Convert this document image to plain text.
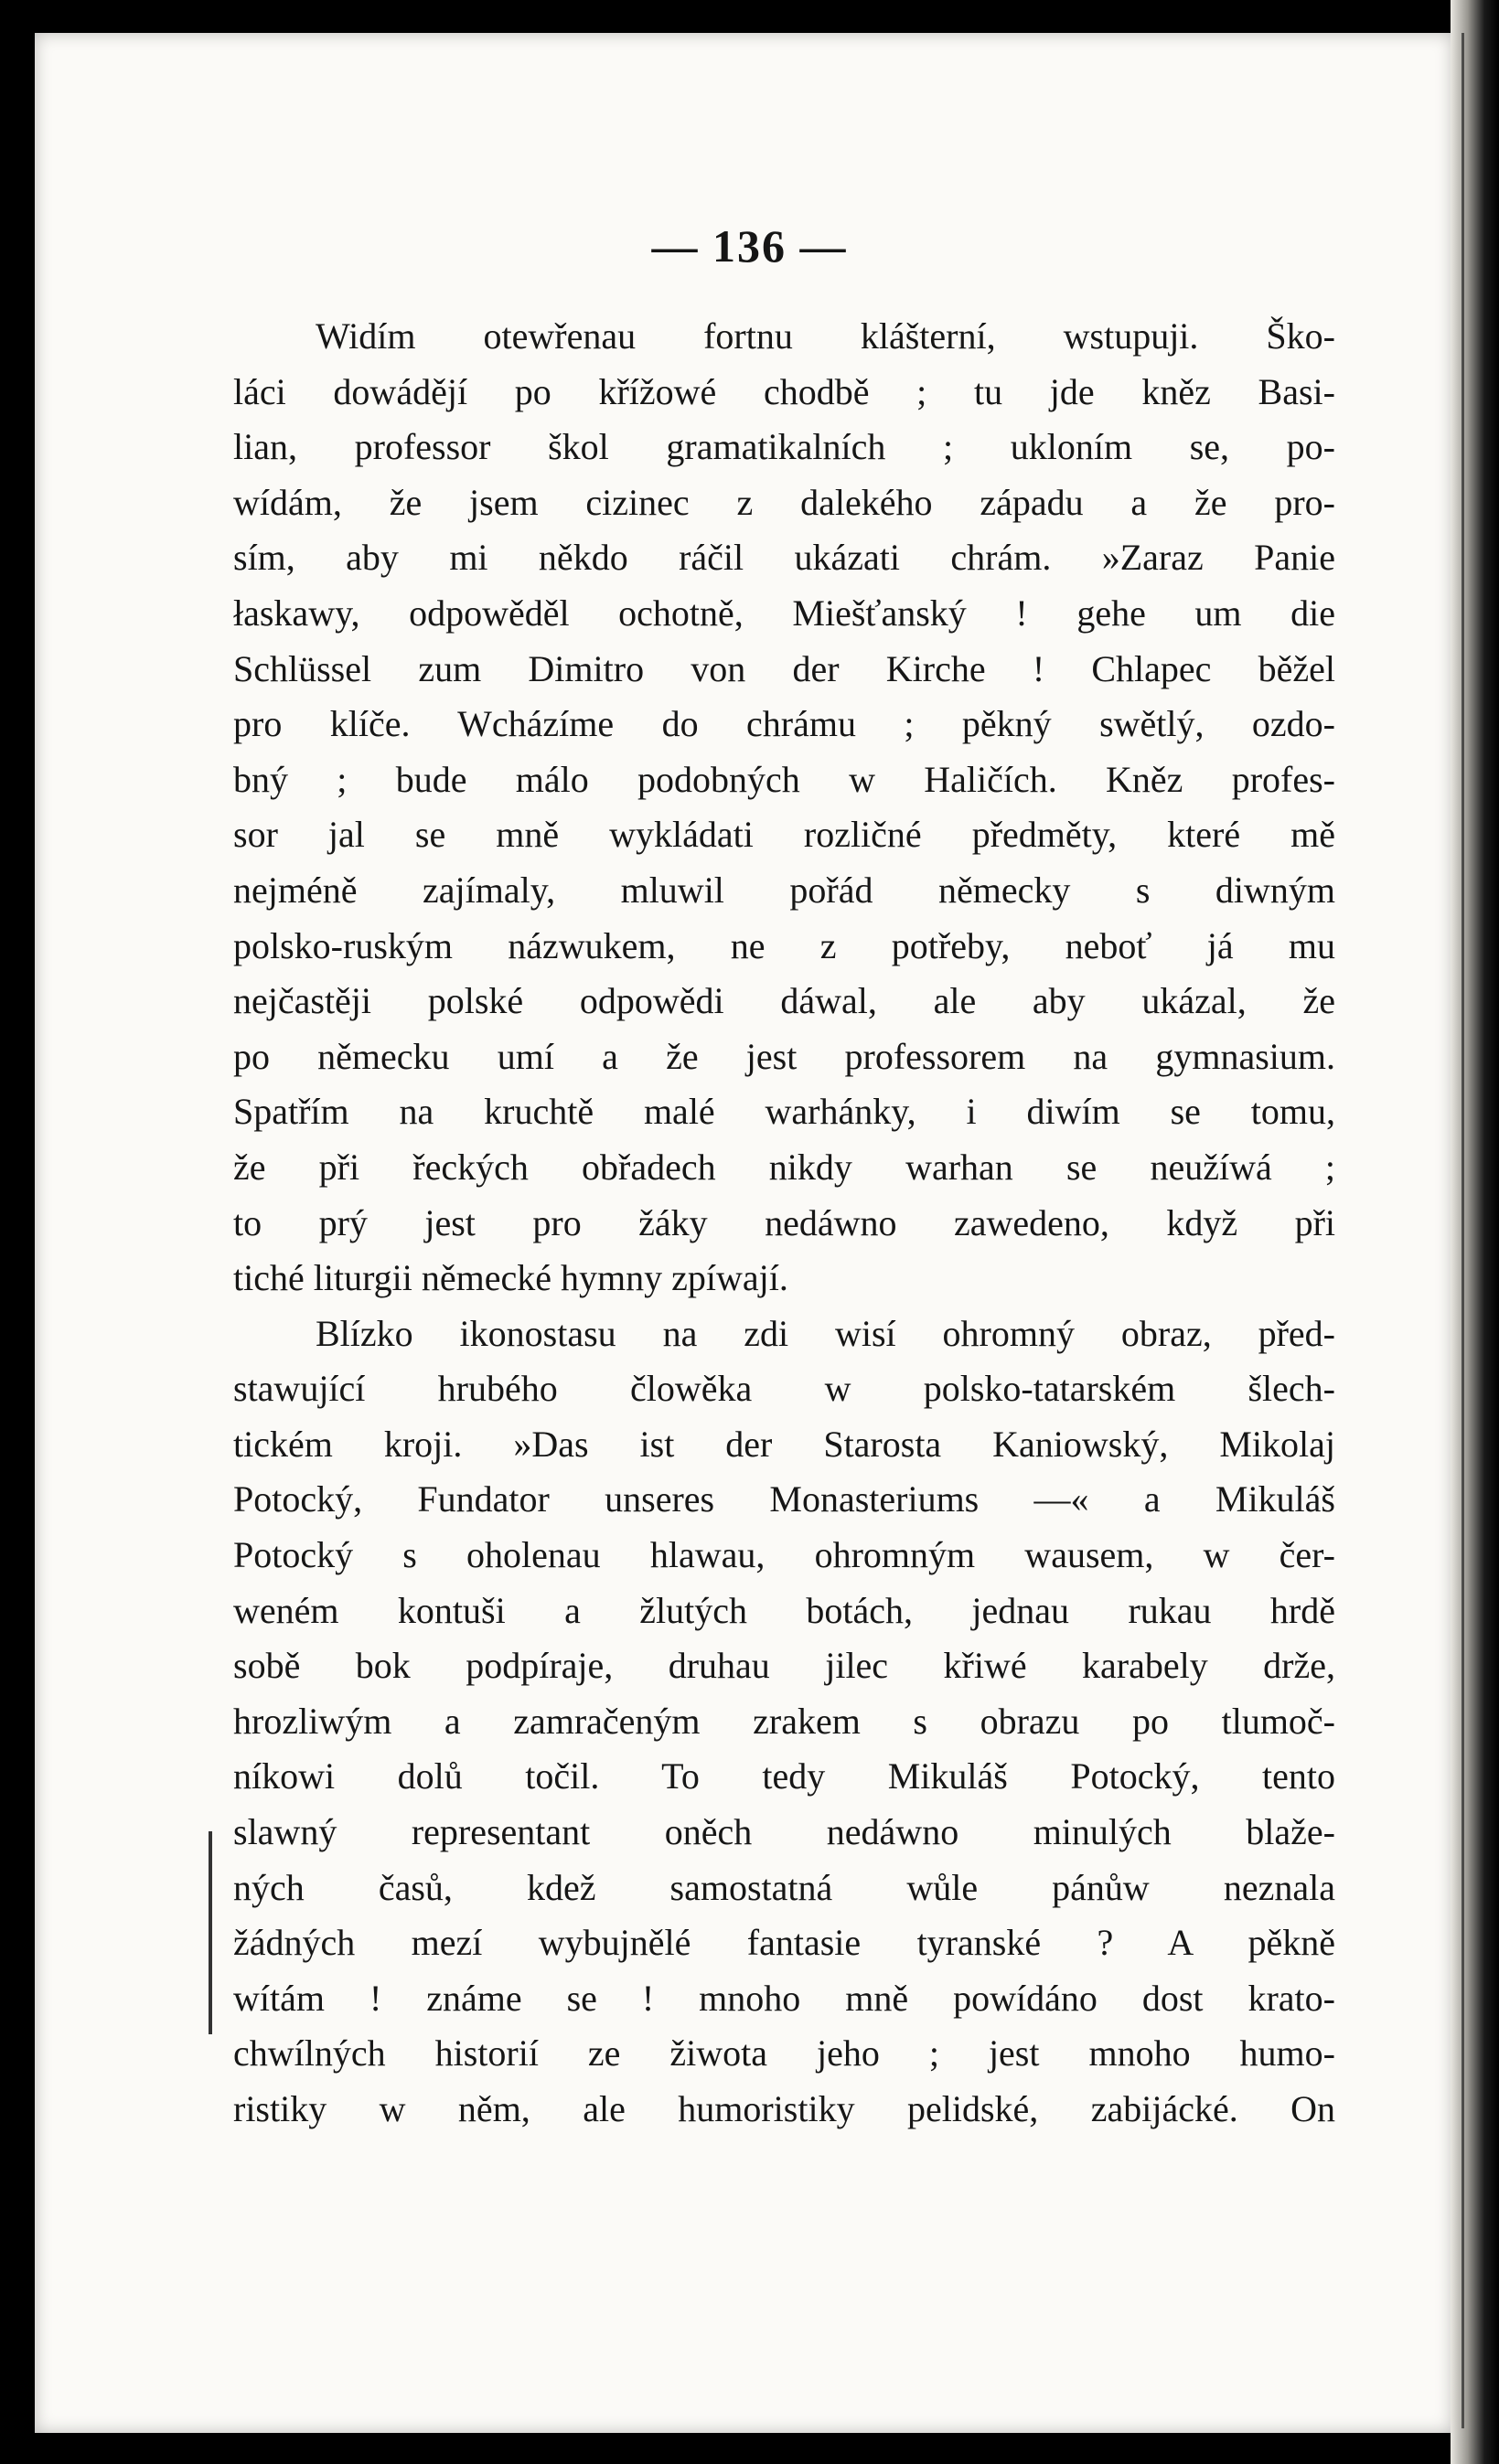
— 136 —
Widím otewřenau fortnu klášterní, wstupuji. Ško-
láci dowádějí po křížowé chodbě ; tu jde kněz Basi-
lian, professor škol gramatikalních ; ukloním se, po-
wídám, že jsem cizinec z dalekého západu a že pro-
sím, aby mi někdo ráčil ukázati chrám. »Zaraz Panie
łaskawy, odpowěděl ochotně, Miešťanský ! gehe um die
Schlüssel zum Dimitro von der Kirche ! Chlapec běžel
pro klíče. Wcházíme do chrámu ; pěkný swětlý, ozdo-
bný ; bude málo podobných w Haličích. Kněz profes-
sor jal se mně wykládati rozličné předměty, které mě
nejméně zajímaly, mluwil pořád německy s diwným
polsko-ruským názwukem, ne z potřeby, neboť já mu
nejčastěji polské odpowědi dáwal, ale aby ukázal, že
po německu umí a že jest professorem na gymnasium.
Spatřím na kruchtě malé warhánky, i diwím se tomu,
že při řeckých obřadech nikdy warhan se neužíwá ;
to prý jest pro žáky nedáwno zawedeno, když při
tiché liturgii německé hymny zpíwají.
Blízko ikonostasu na zdi wisí ohromný obraz, před-
stawující hrubého člowěka w polsko-tatarském šlech-
tickém kroji. »Das ist der Starosta Kaniowský, Mikolaj
Potocký, Fundator unseres Monasteriums —« a Mikuláš
Potocký s oholenau hlawau, ohromným wausem, w čer-
weném kontuši a žlutých botách, jednau rukau hrdě
sobě bok podpíraje, druhau jilec křiwé karabely drže,
hrozliwým a zamračeným zrakem s obrazu po tlumoč-
níkowi dolů točil. To tedy Mikuláš Potocký, tento
slawný representant oněch nedáwno minulých blaže-
ných časů, kdež samostatná wůle pánůw neznala
žádných mezí wybujnělé fantasie tyranské ? A pěkně
wítám ! známe se ! mnoho mně powídáno dost krato-
chwílných historií ze žiwota jeho ; jest mnoho humo-
ristiky w něm, ale humoristiky pelidské, zabijácké. On
